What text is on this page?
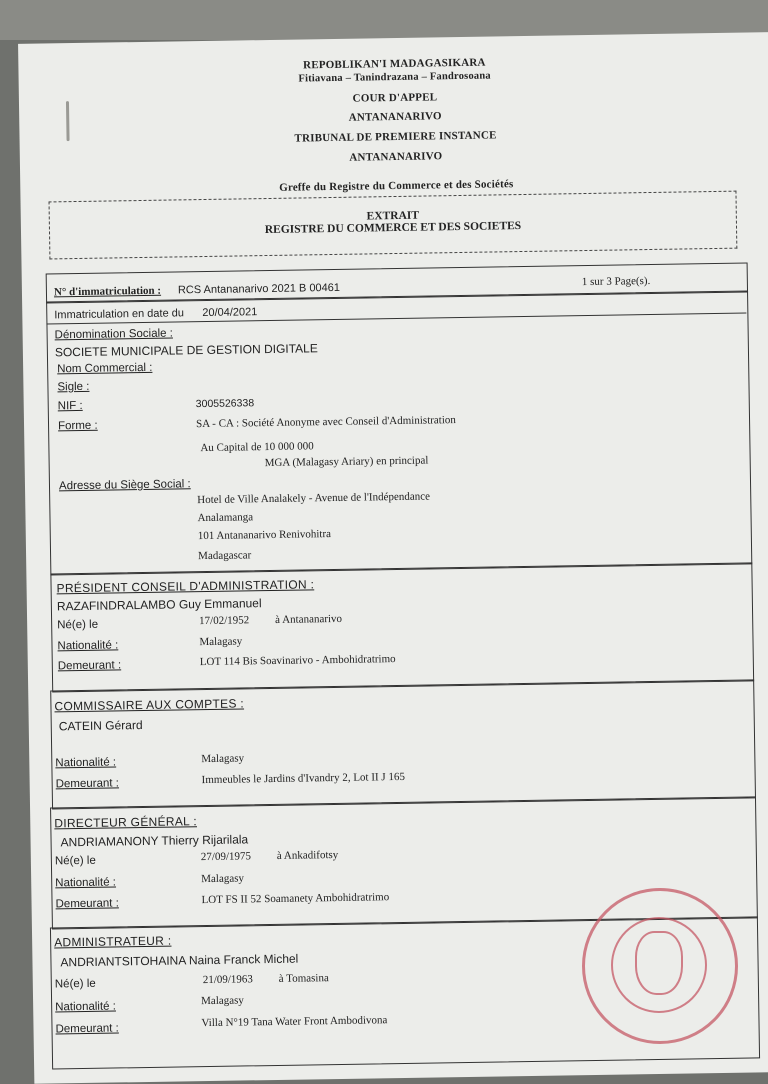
REPOBLIKAN'I MADAGASIKARA
Fitiavana – Tanindrazana – Fandrosoana
COUR D'APPEL
ANTANANARIVO
TRIBUNAL DE PREMIERE INSTANCE
ANTANANARIVO
Greffe du Registre du Commerce et des Sociétés
EXTRAIT
REGISTRE DU COMMERCE ET DES SOCIETES
N° d'immatriculation : RCS Antananarivo 2021 B 00461
1 sur 3 Page(s).
Immatriculation en date du 20/04/2021
Dénomination Sociale :
SOCIETE MUNICIPALE DE GESTION DIGITALE
Nom Commercial :
Sigle :
NIF :	3005526338
Forme :	SA - CA : Société Anonyme avec Conseil d'Administration
Au Capital de 10 000 000
MGA (Malagasy Ariary) en principal
Adresse du Siège Social :
Hotel de Ville Analakely - Avenue de l'Indépendance
Analamanga
101 Antananarivo Renivohitra
Madagascar
PRÉSIDENT CONSEIL D'ADMINISTRATION :
RAZAFINDRALAMBO Guy Emmanuel
Né(e) le	17/02/1952 à Antananarivo
Nationalité :	Malagasy
Demeurant :	LOT 114 Bis Soavinarivo - Ambohidratrimo
COMMISSAIRE AUX COMPTES :
CATEIN Gérard
Nationalité :	Malagasy
Demeurant :	Immeubles le Jardins d'Ivandry 2, Lot II J 165
DIRECTEUR GÉNÉRAL :
ANDRIAMANONY Thierry Rijarilala
Né(e) le	27/09/1975 à Ankadifotsy
Nationalité :	Malagasy
Demeurant :	LOT FS II 52 Soamanety Ambohidratrimo
ADMINISTRATEUR :
ANDRIANTSITOHAINA Naina Franck Michel
Né(e) le	21/09/1963 à Tomasina
Nationalité :	Malagasy
Demeurant :	Villa N°19 Tana Water Front Ambodivona
